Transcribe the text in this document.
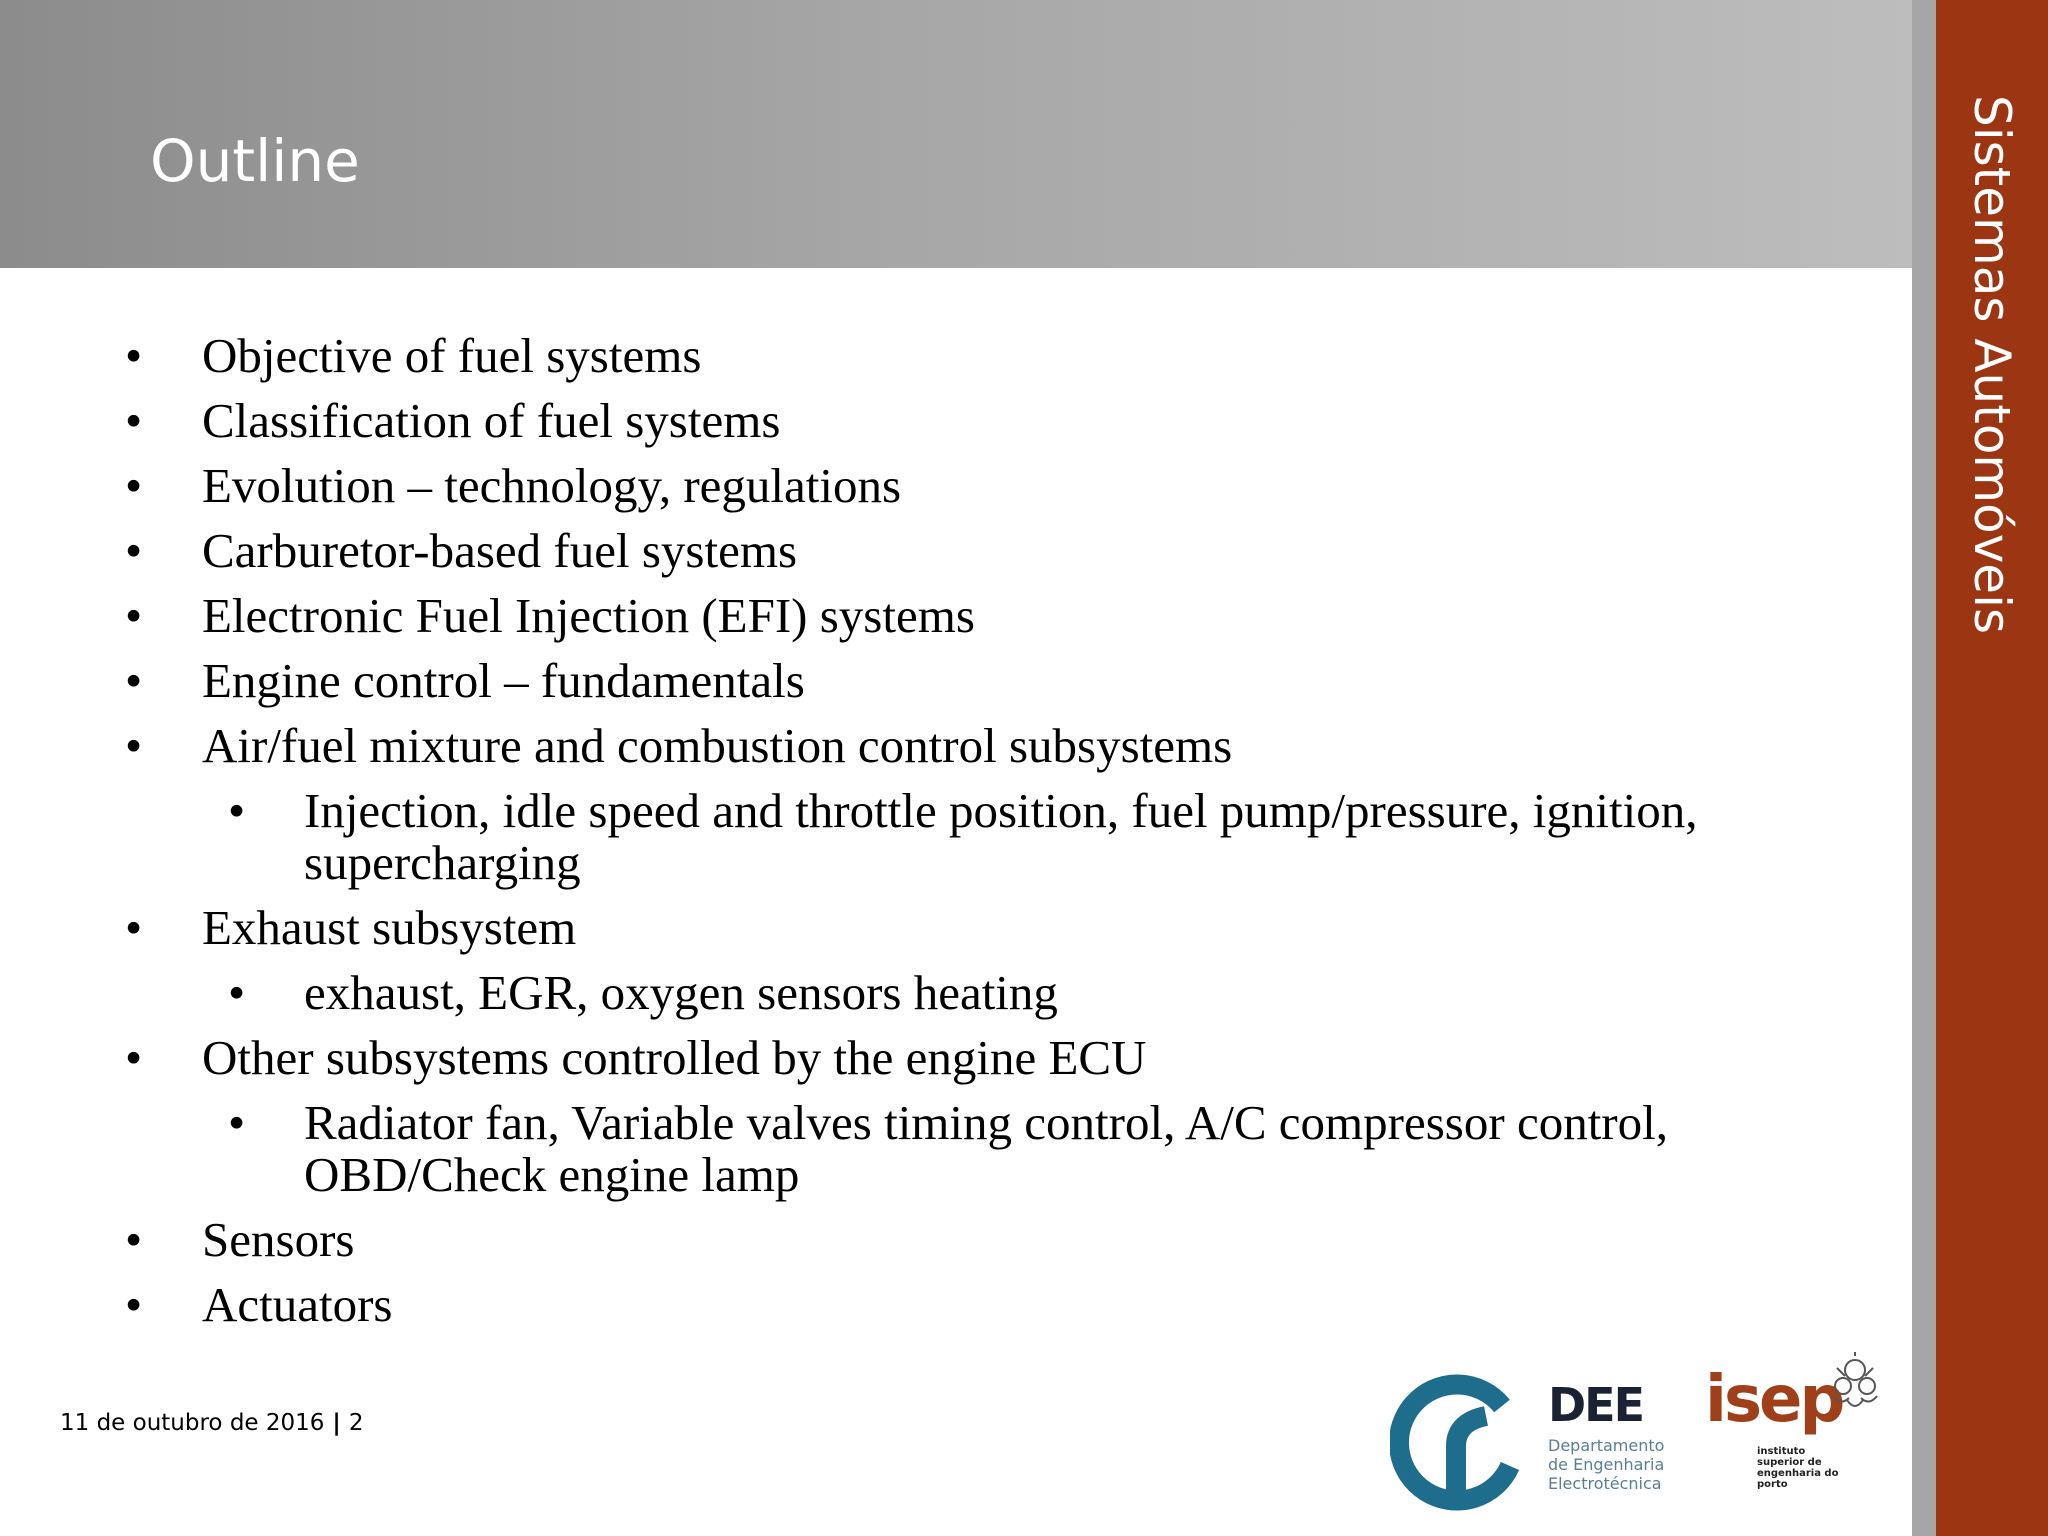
Outline	Sistemas Automóveis
• Objective of fuel systems
• Classification of fuel systems
• Evolution – technology, regulations
• Carburetor-based fuel systems
• Electronic Fuel Injection (EFI) systems
• Engine control – fundamentals
• Air/fuel mixture and combustion control subsystems
• Injection, idle speed and throttle position, fuel pump/pressure, ignition, supercharging
• Exhaust subsystem
• exhaust, EGR, oxygen sensors heating
• Other subsystems controlled by the engine ECU
• Radiator fan, Variable valves timing control, A/C compressor control, OBD/Check engine lamp
• Sensors
• Actuators
11 de outubro de 2016 | 2	DEE
Departamento
de Engenharia
Electrotécnica
isep
instituto
superior de
engenharia do
porto
